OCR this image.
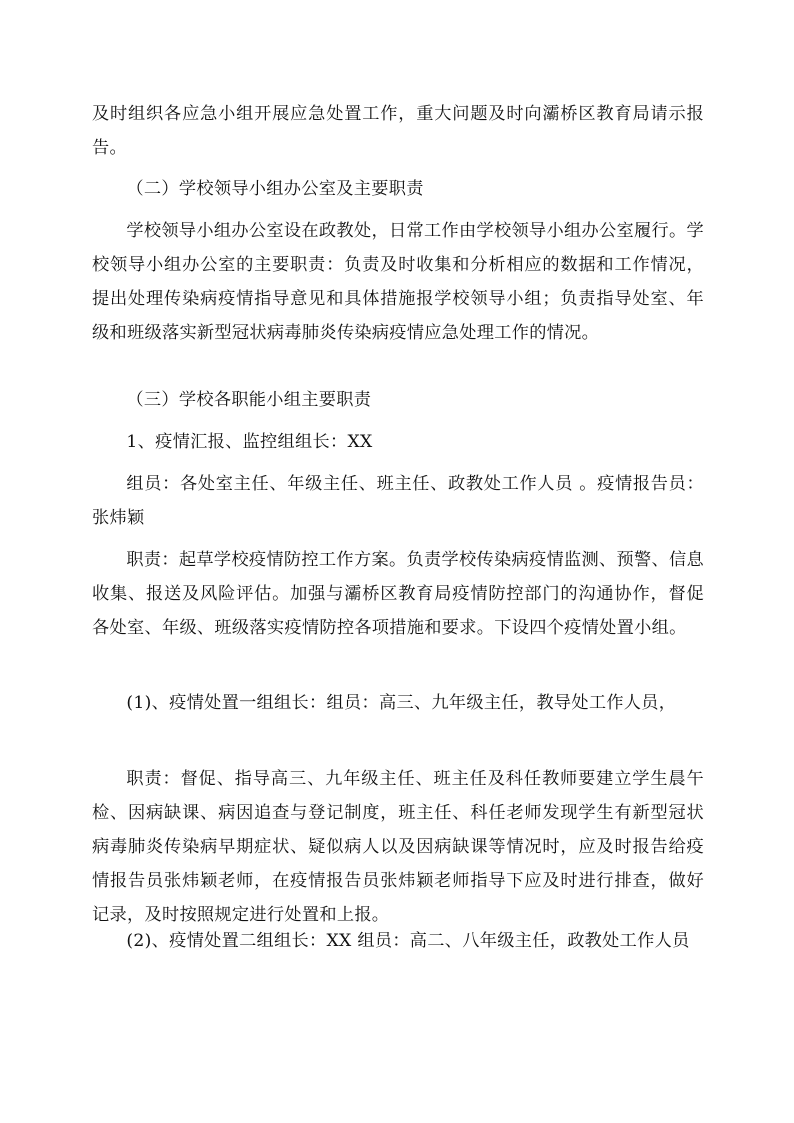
及时组织各应急小组开展应急处置工作，重大问题及时向灞桥区教育局请示报告。

（二）学校领导小组办公室及主要职责

学校领导小组办公室设在政教处，日常工作由学校领导小组办公室履行。学校领导小组办公室的主要职责：负责及时收集和分析相应的数据和工作情况，提出处理传染病疫情指导意见和具体措施报学校领导小组；负责指导处室、年级和班级落实新型冠状病毒肺炎传染病疫情应急处理工作的情况。

（三）学校各职能小组主要职责

1、疫情汇报、监控组组长：XX

组员：各处室主任、年级主任、班主任、政教处工作人员 。疫情报告员：张炜颖

职责：起草学校疫情防控工作方案。负责学校传染病疫情监测、预警、信息收集、报送及风险评估。加强与灞桥区教育局疫情防控部门的沟通协作，督促各处室、年级、班级落实疫情防控各项措施和要求。下设四个疫情处置小组。

(1)、疫情处置一组组长：组员：高三、九年级主任，教导处工作人员，

职责：督促、指导高三、九年级主任、班主任及科任教师要建立学生晨午检、因病缺课、病因追查与登记制度，班主任、科任老师发现学生有新型冠状病毒肺炎传染病早期症状、疑似病人以及因病缺课等情况时，应及时报告给疫情报告员张炜颖老师，在疫情报告员张炜颖老师指导下应及时进行排查，做好记录，及时按照规定进行处置和上报。

(2)、疫情处置二组组长：XX 组员：高二、八年级主任，政教处工作人员
